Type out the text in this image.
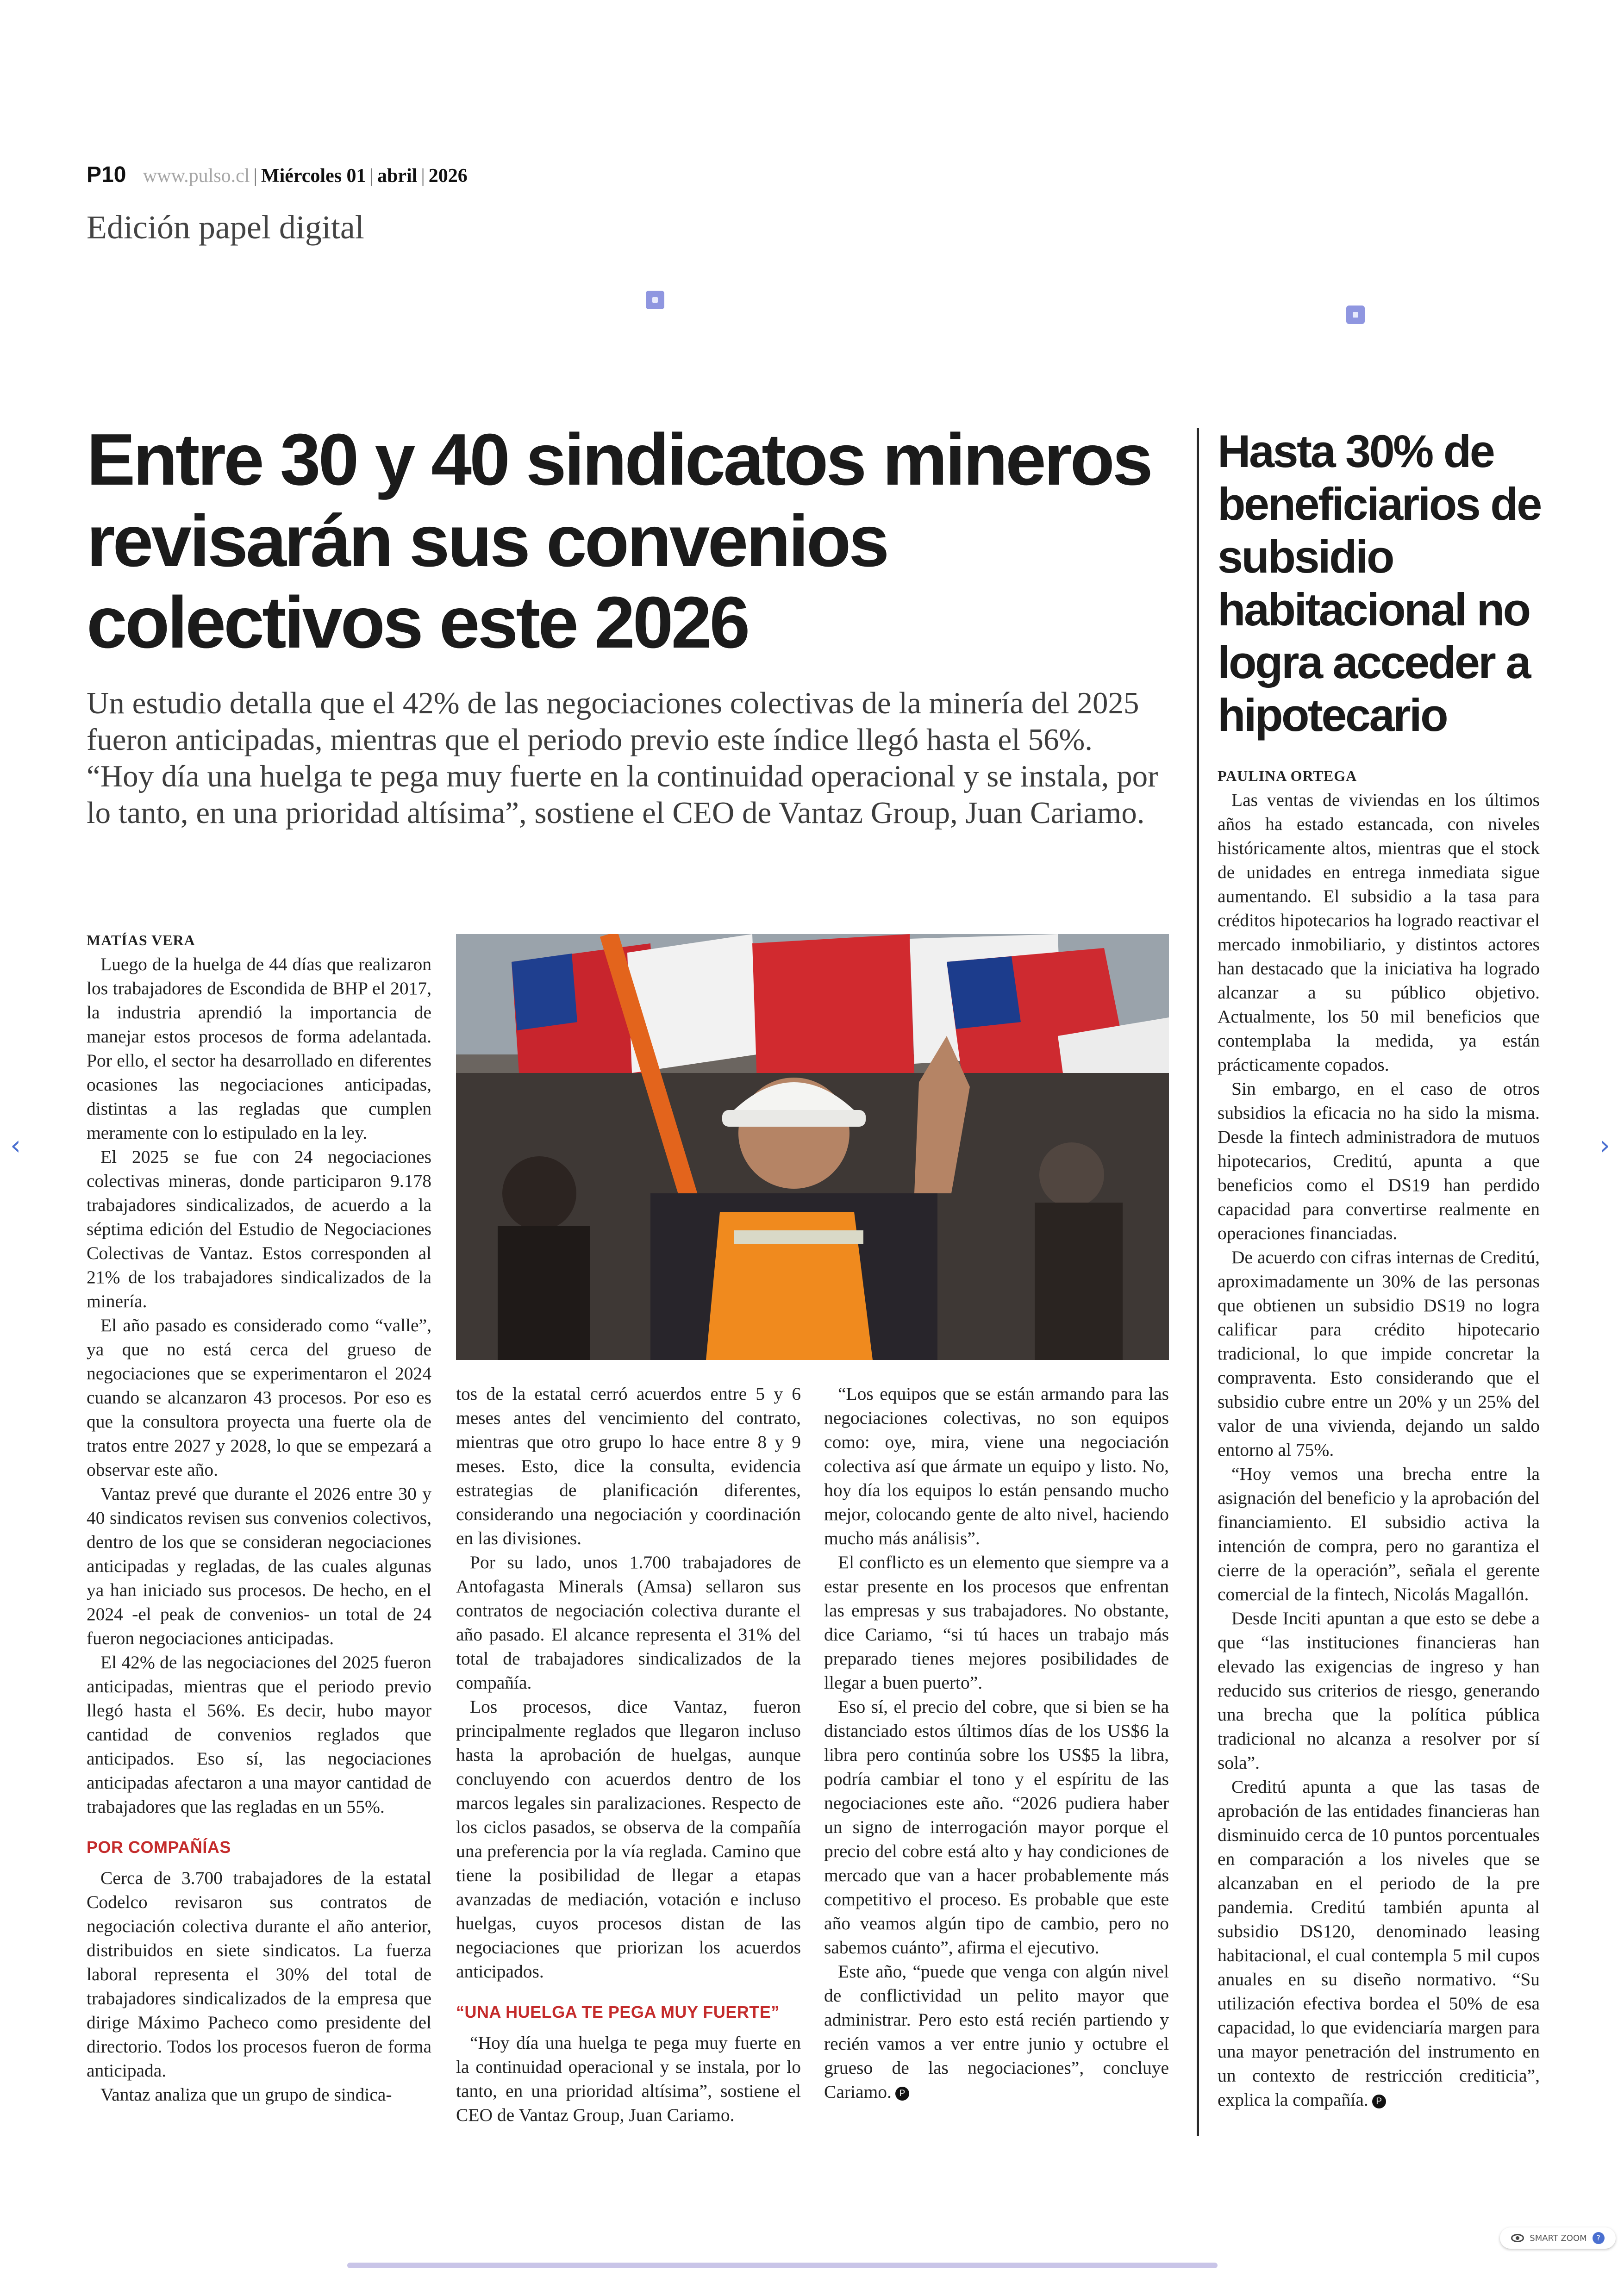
P10 www.pulso.cl | Miércoles 01 | abril | 2026
Edición papel digital
Entre 30 y 40 sindicatos mineros revisarán sus convenios colectivos este 2026

Un estudio detalla que el 42% de las negociaciones colectivas de la minería del 2025 fueron anticipadas, mientras que el periodo previo este índice llegó hasta el 56%. “Hoy día una huelga te pega muy fuerte en la continuidad operacional y se instala, por lo tanto, en una prioridad altísima”, sostiene el CEO de Vantaz Group, Juan Cariamo.

MATÍAS VERA

Luego de la huelga de 44 días que realizaron los trabajadores de Escondida de BHP el 2017, la industria aprendió la importancia de manejar estos procesos de forma adelantada. Por ello, el sector ha desarrollado en diferentes ocasiones las negociaciones anticipadas, distintas a las regladas que cumplen meramente con lo estipulado en la ley.

El 2025 se fue con 24 negociaciones colectivas mineras, donde participaron 9.178 trabajadores sindicalizados, de acuerdo a la séptima edición del Estudio de Negociaciones Colectivas de Vantaz. Estos corresponden al 21% de los trabajadores sindicalizados de la minería.

El año pasado es considerado como “valle”, ya que no está cerca del grueso de negociaciones que se experimentaron el 2024 cuando se alcanzaron 43 procesos. Por eso es que la consultora proyecta una fuerte ola de tratos entre 2027 y 2028, lo que se empezará a observar este año.

Vantaz prevé que durante el 2026 entre 30 y 40 sindicatos revisen sus convenios colectivos, dentro de los que se consideran negociaciones anticipadas y regladas, de las cuales algunas ya han iniciado sus procesos. De hecho, en el 2024 -el peak de convenios- un total de 24 fueron negociaciones anticipadas.

El 42% de las negociaciones del 2025 fueron anticipadas, mientras que el periodo previo llegó hasta el 56%. Es decir, hubo mayor cantidad de convenios reglados que anticipados. Eso sí, las negociaciones anticipadas afectaron a una mayor cantidad de trabajadores que las regladas en un 55%.

POR COMPAÑÍAS

Cerca de 3.700 trabajadores de la estatal Codelco revisaron sus contratos de negociación colectiva durante el año anterior, distribuidos en siete sindicatos. La fuerza laboral representa el 30% del total de trabajadores sindicalizados de la empresa que dirige Máximo Pacheco como presidente del directorio. Todos los procesos fueron de forma anticipada.

Vantaz analiza que un grupo de sindica-

tos de la estatal cerró acuerdos entre 5 y 6 meses antes del vencimiento del contrato, mientras que otro grupo lo hace entre 8 y 9 meses. Esto, dice la consulta, evidencia estrategias de planificación diferentes, considerando una negociación y coordinación en las divisiones.

Por su lado, unos 1.700 trabajadores de Antofagasta Minerals (Amsa) sellaron sus contratos de negociación colectiva durante el año pasado. El alcance representa el 31% del total de trabajadores sindicalizados de la compañía.

Los procesos, dice Vantaz, fueron principalmente reglados que llegaron incluso hasta la aprobación de huelgas, aunque concluyendo con acuerdos dentro de los marcos legales sin paralizaciones. Respecto de los ciclos pasados, se observa de la compañía una preferencia por la vía reglada. Camino que tiene la posibilidad de llegar a etapas avanzadas de mediación, votación e incluso huelgas, cuyos procesos distan de las negociaciones que priorizan los acuerdos anticipados.

“UNA HUELGA TE PEGA MUY FUERTE”

“Hoy día una huelga te pega muy fuerte en la continuidad operacional y se instala, por lo tanto, en una prioridad altísima”, sostiene el CEO de Vantaz Group, Juan Cariamo.

“Los equipos que se están armando para las negociaciones colectivas, no son equipos como: oye, mira, viene una negociación colectiva así que ármate un equipo y listo. No, hoy día los equipos lo están pensando mucho mejor, colocando gente de alto nivel, haciendo mucho más análisis”.

El conflicto es un elemento que siempre va a estar presente en los procesos que enfrentan las empresas y sus trabajadores. No obstante, dice Cariamo, “si tú haces un trabajo más preparado tienes mejores posibilidades de llegar a buen puerto”.

Eso sí, el precio del cobre, que si bien se ha distanciado estos últimos días de los US$6 la libra pero continúa sobre los US$5 la libra, podría cambiar el tono y el espíritu de las negociaciones este año. “2026 pudiera haber un signo de interrogación mayor porque el precio del cobre está alto y hay condiciones de mercado que van a hacer probablemente más competitivo el proceso. Es probable que este año veamos algún tipo de cambio, pero no sabemos cuánto”, afirma el ejecutivo.

Este año, “puede que venga con algún nivel de conflictividad un pelito mayor que administrar. Pero esto está recién partiendo y recién vamos a ver entre junio y octubre el grueso de las negociaciones”, concluye Cariamo. P

Hasta 30% de beneficiarios de subsidio habitacional no logra acceder a hipotecario
PAULINA ORTEGA

Las ventas de viviendas en los últimos años ha estado estancada, con niveles históricamente altos, mientras que el stock de unidades en entrega inmediata sigue aumentando. El subsidio a la tasa para créditos hipotecarios ha logrado reactivar el mercado inmobiliario, y distintos actores han destacado que la iniciativa ha logrado alcanzar a su público objetivo. Actualmente, los 50 mil beneficios que contemplaba la medida, ya están prácticamente copados.

Sin embargo, en el caso de otros subsidios la eficacia no ha sido la misma. Desde la fintech administradora de mutuos hipotecarios, Creditú, apunta a que beneficios como el DS19 han perdido capacidad para convertirse realmente en operaciones financiadas.

De acuerdo con cifras internas de Creditú, aproximadamente un 30% de las personas que obtienen un subsidio DS19 no logra calificar para crédito hipotecario tradicional, lo que impide concretar la compraventa. Esto considerando que el subsidio cubre entre un 20% y un 25% del valor de una vivienda, dejando un saldo entorno al 75%.

“Hoy vemos una brecha entre la asignación del beneficio y la aprobación del financiamiento. El subsidio activa la intención de compra, pero no garantiza el cierre de la operación”, señala el gerente comercial de la fintech, Nicolás Magallón.

Desde Inciti apuntan a que esto se debe a que “las instituciones financieras han elevado las exigencias de ingreso y han reducido sus criterios de riesgo, generando una brecha que la política pública tradicional no alcanza a resolver por sí sola”.

Creditú apunta a que las tasas de aprobación de las entidades financieras han disminuido cerca de 10 puntos porcentuales en comparación a los niveles que se alcanzaban en el periodo de la pre pandemia. Creditú también apunta al subsidio DS120, denominado leasing habitacional, el cual contempla 5 mil cupos anuales en su diseño normativo. “Su utilización efectiva bordea el 50% de esa capacidad, lo que evidenciaría margen para una mayor penetración del instrumento en un contexto de restricción crediticia”, explica la compañía. P

‹	›
SMART ZOOM	?
